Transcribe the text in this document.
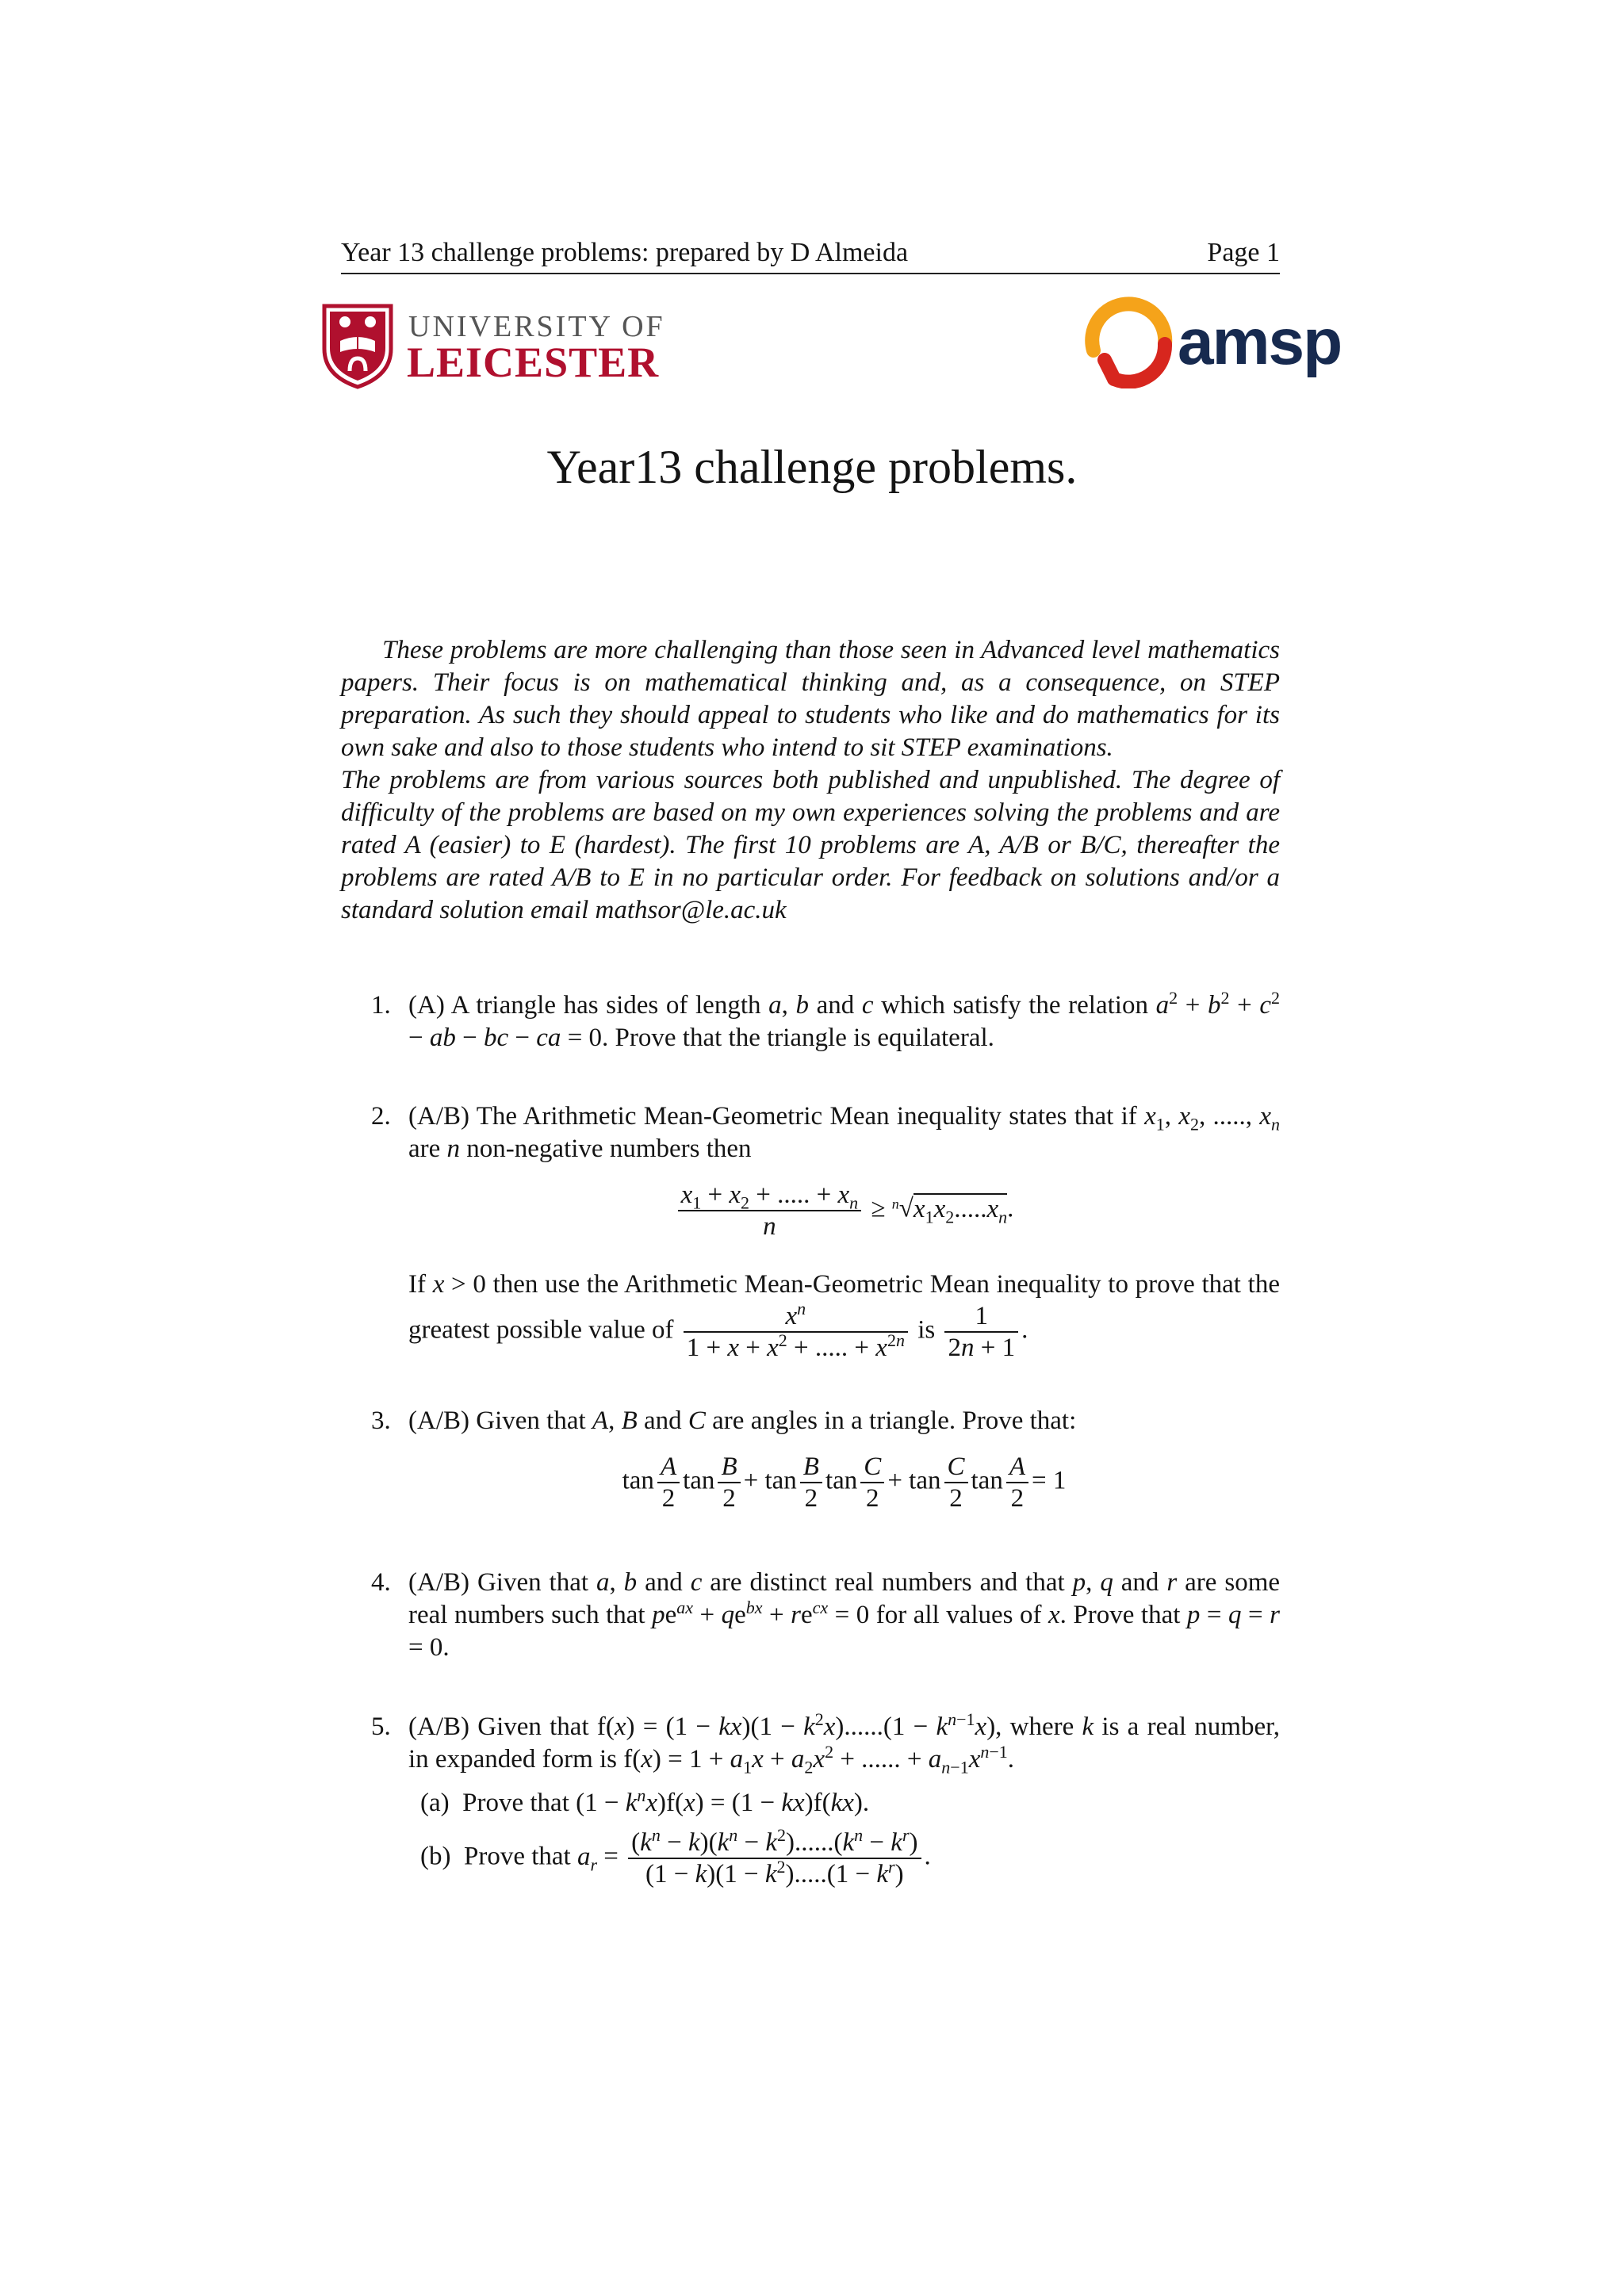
Year 13 challenge problems: prepared by D Almeida	Page 1
UNIVERSITY OF
LEICESTER	amsp
Year13 challenge problems.

These problems are more challenging than those seen in Advanced level mathematics papers. Their focus is on mathematical thinking and, as a consequence, on STEP preparation. As such they should appeal to students who like and do mathematics for its own sake and also to those students who intend to sit STEP examinations.

The problems are from various sources both published and unpublished. The degree of difficulty of the problems are based on my own experiences solving the problems and are rated A (easier) to E (hardest). The first 10 problems are A, A/B or B/C, thereafter the problems are rated A/B to E in no particular order. For feedback on solutions and/or a standard solution email mathsor@le.ac.uk

1. (A) A triangle has sides of length a, b and c which satisfy the relation $a^2 + b^2 + c^2$ − ab − bc − ca = 0. Prove that the triangle is equilateral.
2. (A/B) The Arithmetic Mean-Geometric Mean inequality states that if $x_1$, $x_2$, ....., $x_n$ are n non-negative numbers then
$\frac{x_1 + x_2 + ..... + x_n}{n} \ge ^n√x_1x_2.....x_n$.
If x > 0 then use the Arithmetic Mean-Geometric Mean inequality to prove that the greatest possible value of $\frac{x^n}{1 + x + x^2 + ..... + x^{2n}}$ is $\frac{1}{2n + 1}$ .
3. (A/B) Given that A, B and C are angles in a triangle. Prove that:
$\tan \frac{A}{2}$ $\tan \frac{B}{2} + \tan \frac{B}{2}$ $\tan \frac{C}{2} + \tan \frac{C}{2}$ $\tan \frac{A}{2} = 1$
4. (A/B) Given that a, b and c are distinct real numbers and that p, q and r are some real numbers such that $pe^{ax} + qe^{bx} + re^{cx} = 0$ for all values of x. Prove that p = q = r = 0.
5. (A/B) Given that $f(x) = (1 - kx)(1 - k^2x)......(1 - k^{n-1}x)$, where k is a real number, in expanded form is $f(x) = 1 + a_1x + a_2x^2$ + ...... + $a_{n-1}x^{n-1}$.
(a)  Prove that $(1 - k^nx)f(x) = (1 - kx)f(kx)$.
(b)  Prove that $a_r = \frac{(k^n - k)(k^n - k^2)......(k^n - k^r)}{(1 - k)(1 - k^2).....(1 - k^r)}$ .
